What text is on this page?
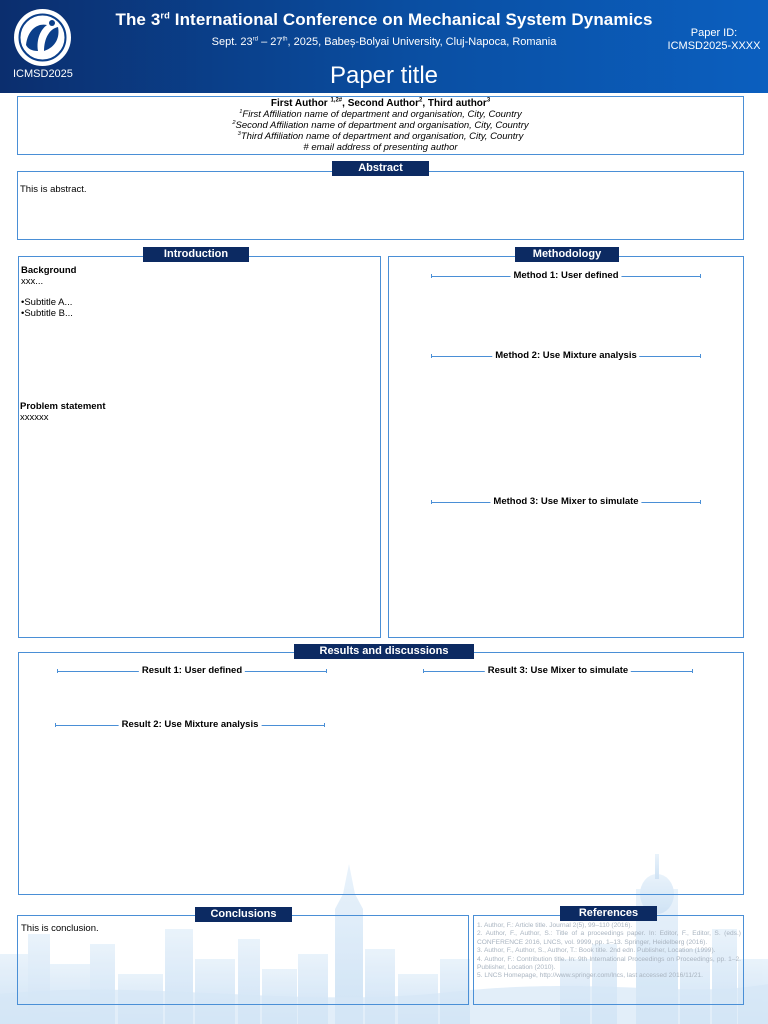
ICMSD2025
The 3rd International Conference on Mechanical System Dynamics
Sept. 23rd – 27th, 2025, Babeș-Bolyai University, Cluj-Napoca, Romania
Paper title
Paper ID:
ICMSD2025-XXXX
First Author $^{1,2\#}$, Second Author$^2$, Third author$^3$
$^1$First Affiliation name of department and organisation, City, Country
$^2$Second Affiliation name of department and organisation, City, Country
$^3$Third Affiliation name of department and organisation, City, Country
# email address of presenting author
This is abstract.
Abstract
Background
xxx...
•Subtitle A...
•Subtitle B...
Problem statement
xxxxxx
Introduction
Method 1: User defined
Method 2: Use Mixture analysis
Method 3: Use Mixer to simulate
Methodology
Result 1: User defined
Result 2: Use Mixture analysis
Result 3: Use Mixer to simulate
Results and discussions
This is conclusion.
Conclusions
1. Author, F.: Article title. Journal 2(5), 99–110 (2016).
2. Author, F., Author, S.: Title of a proceedings paper. In: Editor, F., Editor, S. (eds.) CONFERENCE 2016, LNCS, vol. 9999, pp. 1–13. Springer, Heidelberg (2016).
3. Author, F., Author, S., Author, T.: Book title. 2nd edn. Publisher, Location (1999).
4. Author, F.: Contribution title. In: 9th International Proceedings on Proceedings, pp. 1–2. Publisher, Location (2010).
5. LNCS Homepage, http://www.springer.com/lncs, last accessed 2016/11/21.
References
